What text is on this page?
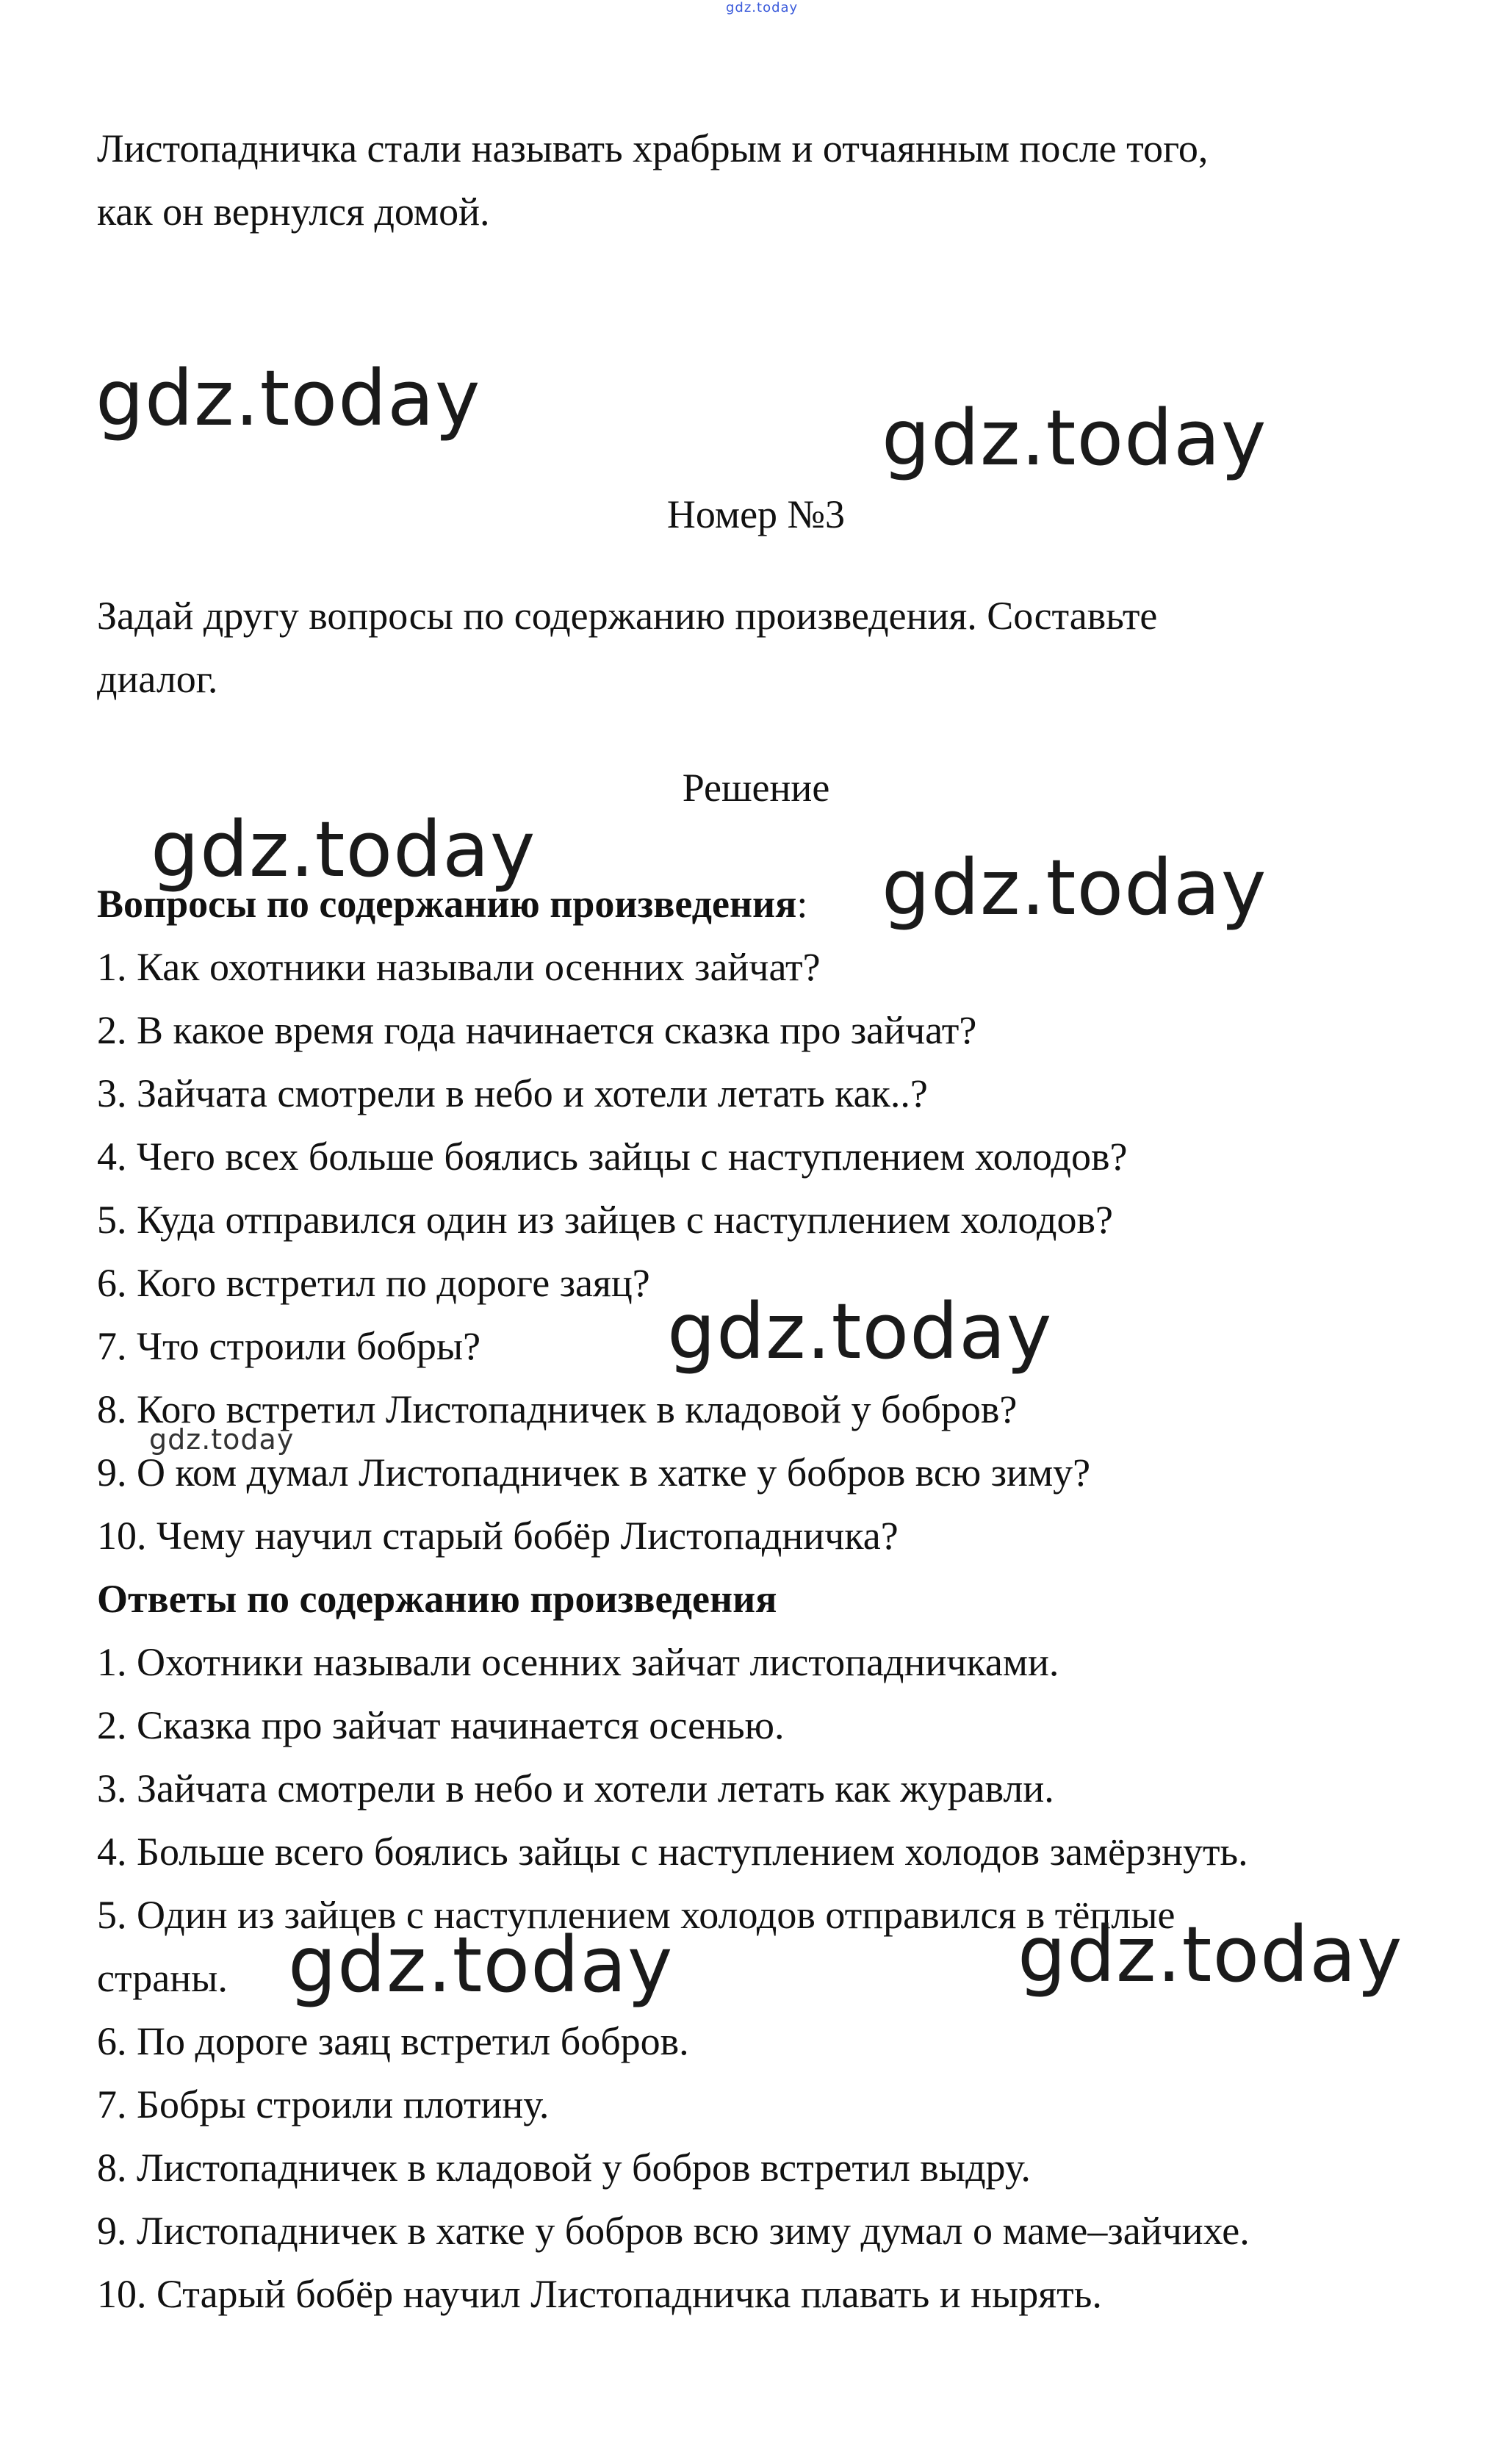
gdz.today
Листопадничка стали называть храбрым и отчаянным после того,
как он вернулся домой.
gdz.today	gdz.today
Номер №3
Задай другу вопросы по содержанию произведения. Составьте
диалог.
Решение
gdz.today
Вопросы по содержанию произведения: gdz.today
1. Как охотники называли осенних зайчат?
2. В какое время года начинается сказка про зайчат?
3. Зайчата смотрели в небо и хотели летать как..?
4. Чего всех больше боялись зайцы с наступлением холодов?
5. Куда отправился один из зайцев с наступлением холодов?
6. Кого встретил по дороге заяц?
7. Что строили бобры? gdz.today
8. Кого встретил Листопадничек в кладовой у бобров?
gdz.today
9. О ком думал Листопадничек в хатке у бобров всю зиму?
10. Чему научил старый бобёр Листопадничка?
Ответы по содержанию произведения
1. Охотники называли осенних зайчат листопадничками.
2. Сказка про зайчат начинается осенью.
3. Зайчата смотрели в небо и хотели летать как журавли.
4. Больше всего боялись зайцы с наступлением холодов замёрзнуть.
5. Один из зайцев с наступлением холодов отправился в тёплые
страны. gdz.today	gdz.today
6. По дороге заяц встретил бобров.
7. Бобры строили плотину.
8. Листопадничек в кладовой у бобров встретил выдру.
9. Листопадничек в хатке у бобров всю зиму думал о маме–зайчихе.
10. Старый бобёр научил Листопадничка плавать и нырять.
